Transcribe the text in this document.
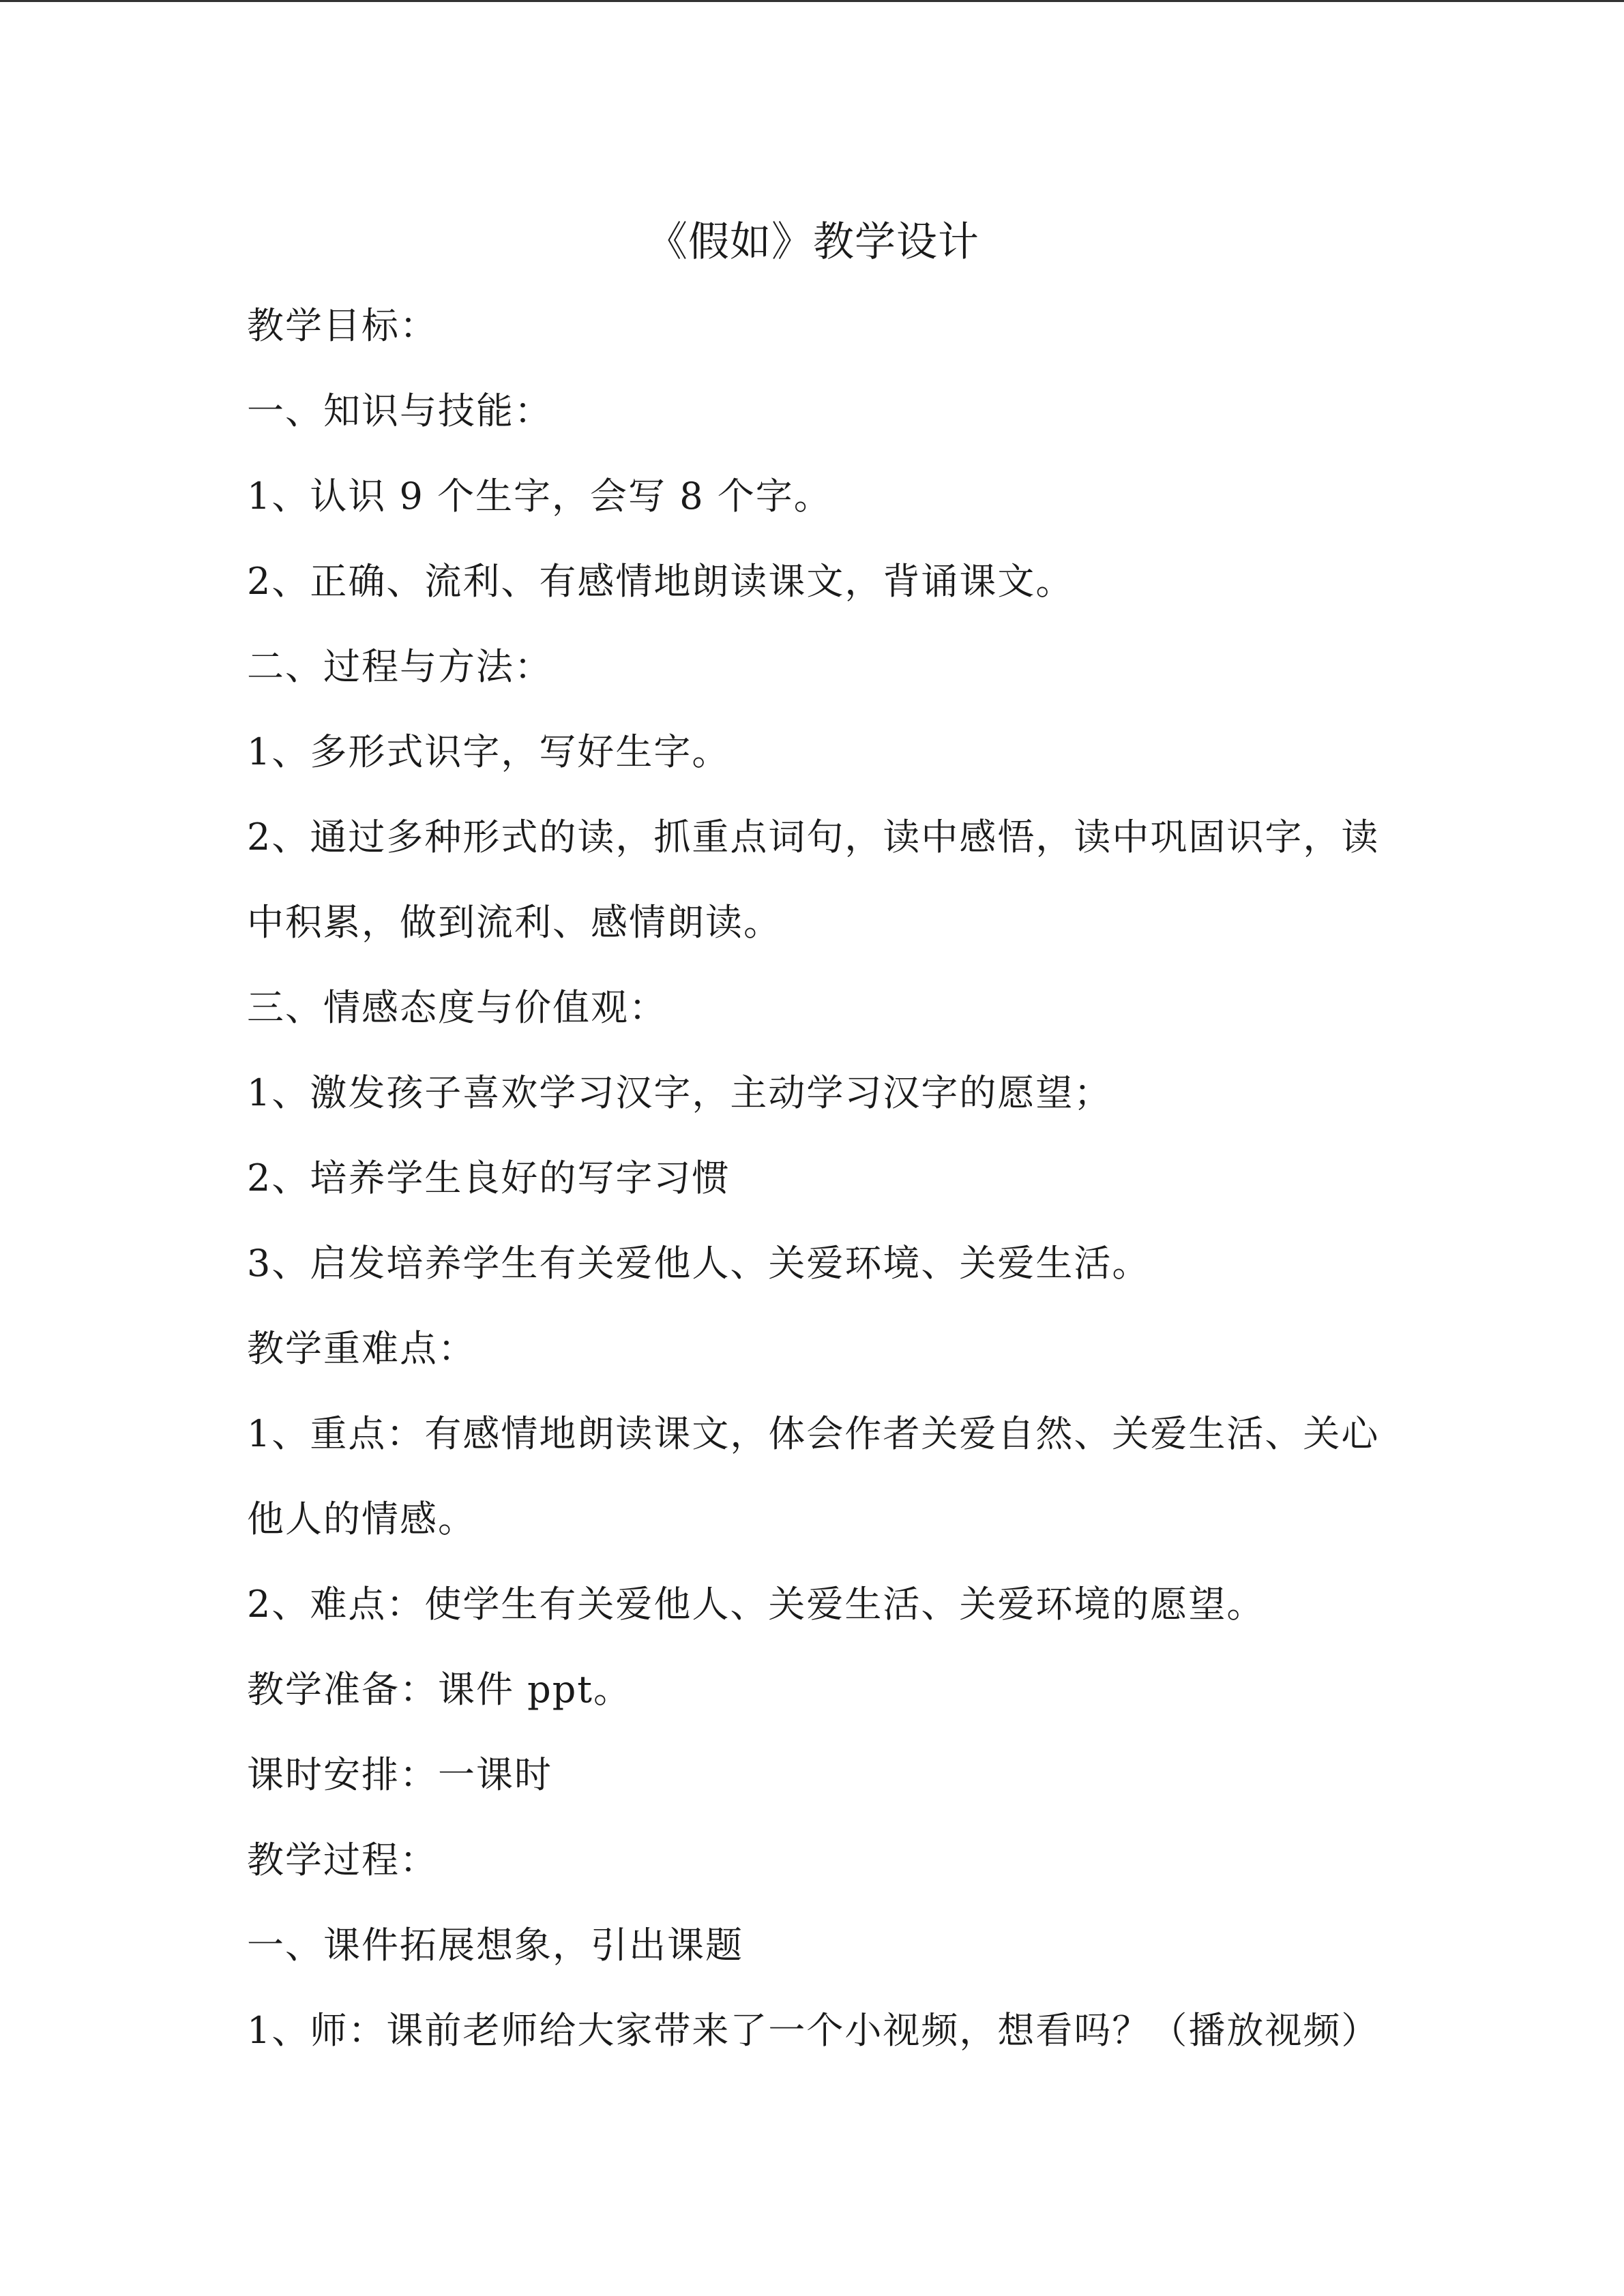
《假如》教学设计
教学目标：
一、知识与技能：
1、认识 9 个生字，会写 8 个字。
2、正确、流利、有感情地朗读课文，背诵课文。
二、过程与方法：
1、多形式识字，写好生字。
2、通过多种形式的读，抓重点词句，读中感悟，读中巩固识字，读
中积累，做到流利、感情朗读。
三、情感态度与价值观：
1、激发孩子喜欢学习汉字，主动学习汉字的愿望；
2、培养学生良好的写字习惯
3、启发培养学生有关爱他人、关爱环境、关爱生活。
教学重难点：
1、重点：有感情地朗读课文，体会作者关爱自然、关爱生活、关心
他人的情感。
2、难点：使学生有关爱他人、关爱生活、关爱环境的愿望。
教学准备：课件 ppt。
课时安排：一课时
教学过程：
一、课件拓展想象，引出课题
1、师：课前老师给大家带来了一个小视频，想看吗？（播放视频）
